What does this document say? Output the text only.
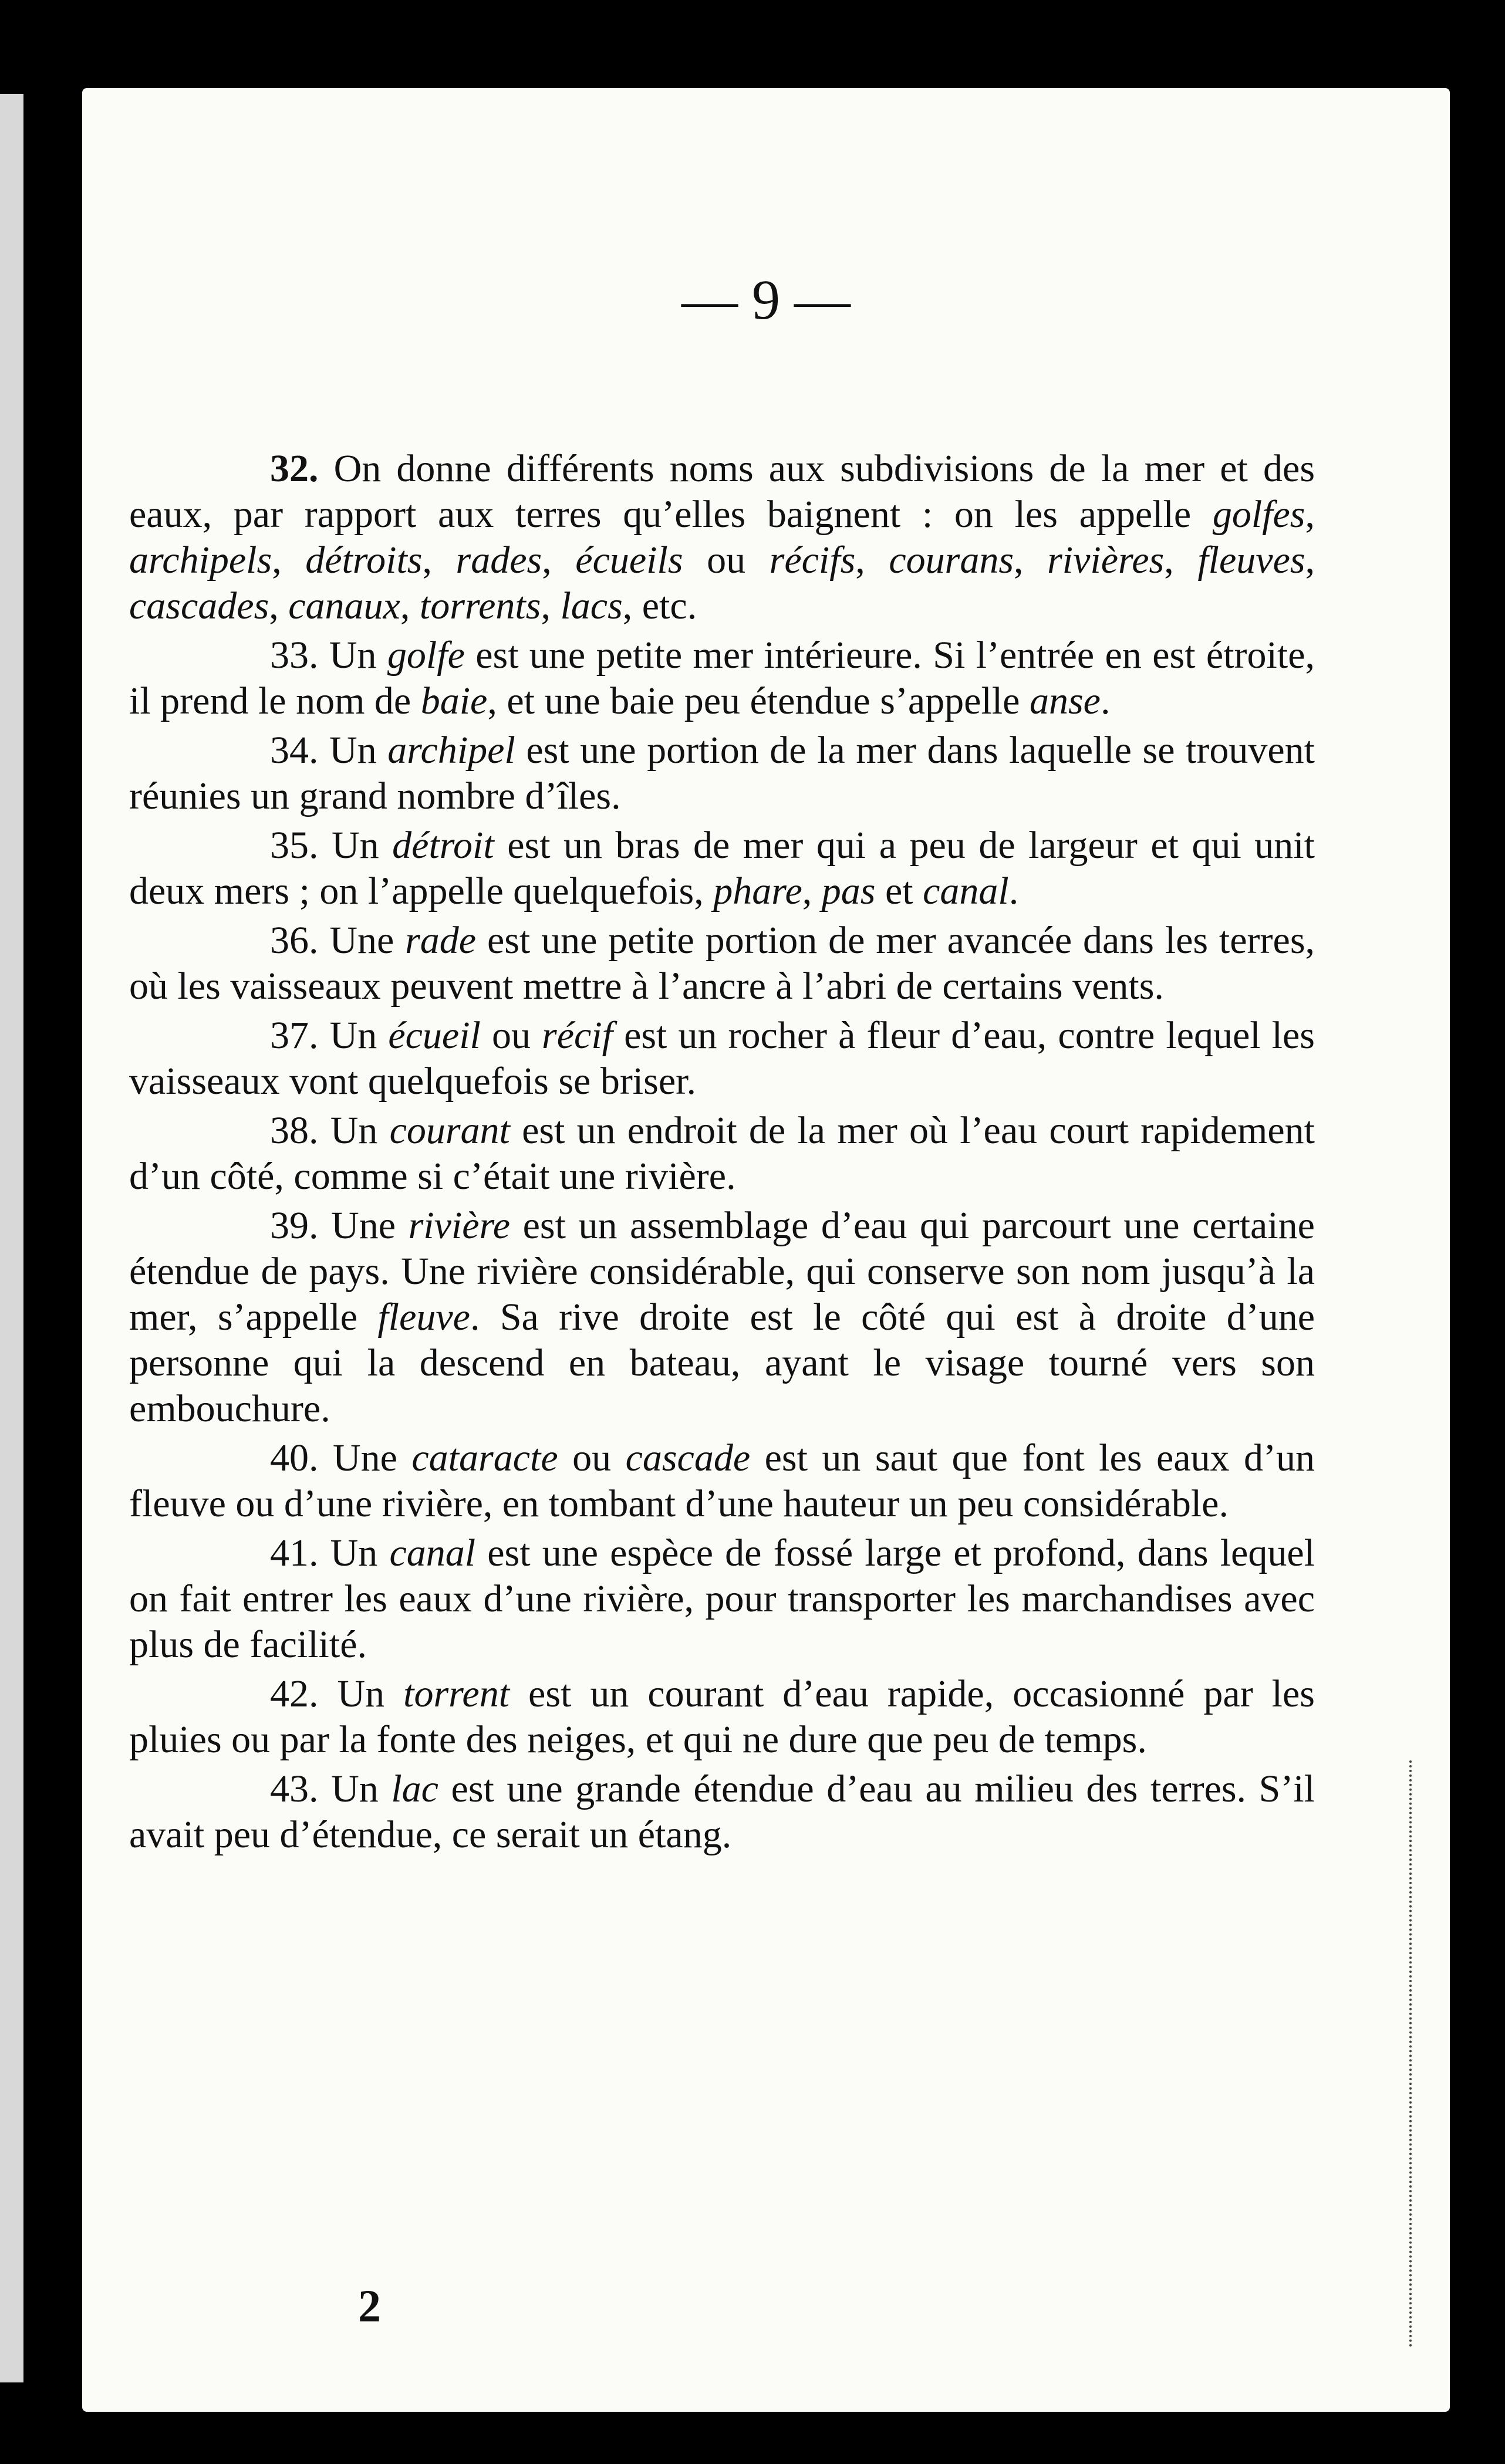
— 9 —

32. On donne différents noms aux subdivisions de la mer et des eaux, par rapport aux terres qu’elles baignent : on les appelle golfes, archipels, détroits, rades, écueils ou récifs, courans, rivières, fleuves, cascades, canaux, torrents, lacs, etc.

33. Un golfe est une petite mer intérieure. Si l’entrée en est étroite, il prend le nom de baie, et une baie peu étendue s’appelle anse.

34. Un archipel est une portion de la mer dans laquelle se trouvent réunies un grand nombre d’îles.

35. Un détroit est un bras de mer qui a peu de largeur et qui unit deux mers ; on l’appelle quelquefois, phare, pas et canal.

36. Une rade est une petite portion de mer avancée dans les terres, où les vaisseaux peuvent mettre à l’ancre à l’abri de certains vents.

37. Un écueil ou récif est un rocher à fleur d’eau, contre lequel les vaisseaux vont quelquefois se briser.

38. Un courant est un endroit de la mer où l’eau court rapidement d’un côté, comme si c’était une rivière.

39. Une rivière est un assemblage d’eau qui parcourt une certaine étendue de pays. Une rivière considérable, qui conserve son nom jusqu’à la mer, s’appelle fleuve. Sa rive droite est le côté qui est à droite d’une personne qui la descend en bateau, ayant le visage tourné vers son embouchure.

40. Une cataracte ou cascade est un saut que font les eaux d’un fleuve ou d’une rivière, en tombant d’une hauteur un peu considérable.

41. Un canal est une espèce de fossé large et profond, dans lequel on fait entrer les eaux d’une rivière, pour transporter les marchandises avec plus de facilité.

42. Un torrent est un courant d’eau rapide, occasionné par les pluies ou par la fonte des neiges, et qui ne dure que peu de temps.

43. Un lac est une grande étendue d’eau au milieu des terres. S’il avait peu d’étendue, ce serait un étang.

2
